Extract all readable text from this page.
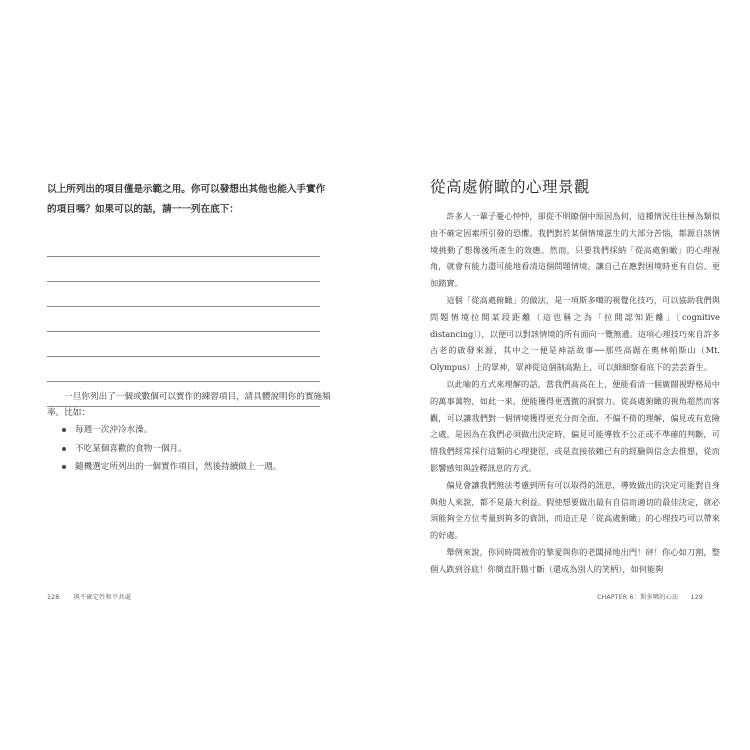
以上所列出的項目僅是示範之用。你可以發想出其他也能入手實作的項目嗎？如果可以的話，請一一列在底下：

一旦你列出了一個或數個可以實作的練習項目，請具體說明你的實施頻率。比如：

每週一次沖冷水澡。
不吃某個喜歡的食物一個月。
隨機選定所列出的一個實作項目，然後持續做上一週。
128 與不確定性和平共處
從高處俯瞰的心理景觀

許多人一輩子憂心忡忡，卻從不明瞭個中原因為何，這種情況往往極為類似由不確定因素所引發的恐懼。我們對於某個情境滋生的大部分苦惱，都源自該情境挑動了想像後所產生的效應。然而，只要我們採納「從高處俯瞰」的心理視角，就會有能力盡可能地看清這個問題情境，讓自己在應對困境時更有自信、更加踏實。

這個「從高處俯瞰」的做法，是一項斯多噶的視覺化技巧，可以協助我們與問題情境拉開某段距離（這也稱之為「拉開認知距離」〔cognitive distancing〕），以便可以對該情境的所有面向一覽無遺。這項心理技巧來自許多古老的啟發來源，其中之一便是神話故事──那些高踞在奧林帕斯山（Mt. Olympus）上的眾神，眾神從這個制高點上，可以細細察看底下的芸芸蒼生。

以此喻的方式來理解的話，當我們高高在上，便能看清一個廣闊視野格局中的萬事萬物，如此一來，便能獲得更透徹的洞察力。從高處俯瞰的視角超然而客觀，可以讓我們對一個情境獲得更充分而全面、不偏不倚的理解，偏見或有危險之處，是因為在我們必須做出決定時，偏見可能導致不公正或不準確的判斷，可惜我們經常採行這類的心理捷徑，或是直接依賴已有的經驗與信念去推想，從而影響感知與詮釋訊息的方式。

偏見會讓我們無法考慮到所有可以取得的訊息，導致做出的決定可能對自身與他人來說，都不是最大利益。假使想要做出最有自信而適切的最佳決定，就必須能夠全方位考量到夠多的資訊，而這正是「從高處俯瞰」的心理技巧可以帶來的好處。

舉例來說，你同時間被你的摯愛與你的老闆掃地出門！砰！你心如刀割，整個人跌到谷底！你簡直肝腸寸斷（還成為別人的笑柄），如何能夠

CHAPTER 6：斯多噶的心法 129
